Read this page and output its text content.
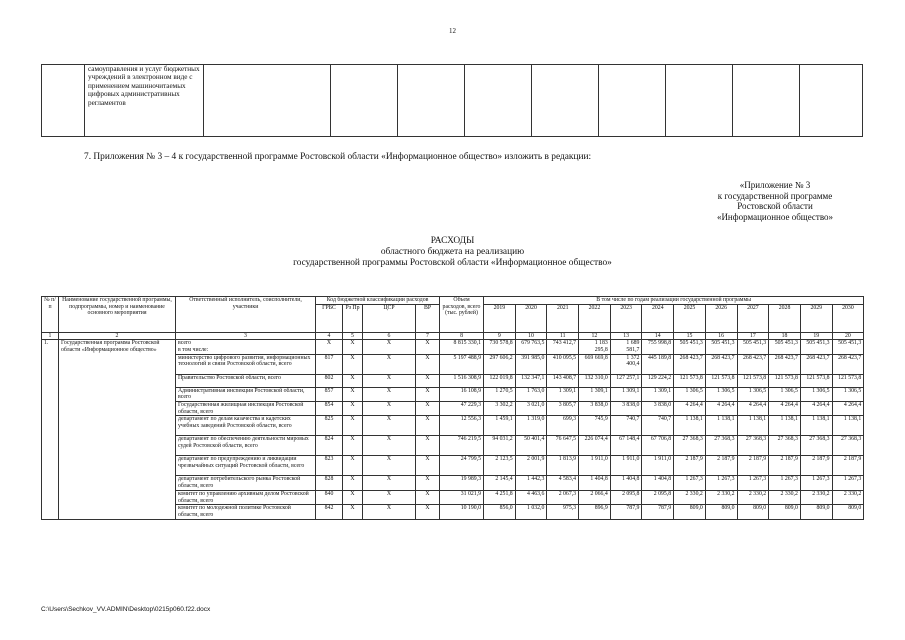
12
	самоуправления и услуг бюджетных учреждений в электронном виде с применением машиночитаемых цифровых административных регламентов									
7. Приложения № 3 – 4 к государственной программе Ростовской области «Информационное общество» изложить в редакции:
«Приложение № 3
к государственной программе
Ростовской области
«Информационное общество»
РАСХОДЫ
областного бюджета на реализацию
государственной программы Ростовской области «Информационное общество»
№ п/п	Наименование государственной программы, подпрограммы, номер и наименование основного мероприятия	Ответственный исполнитель, соисполнители, участники	Код бюджетной классификации расходов				Объем расходов, всего (тыс. рублей)	В том числе по годам реализации государственной программы											
			ГРБС	Рз Пр	ЦСР	ВР		2019	2020	2021	2022	2023	2024	2025	2026	2027	2028	2029	2030
1	2	3	4	5	6	7	8	9	10	11	12	13	14	15	16	17	18	19	20
1.	Государственная программа Ростовской области «Информационное общество»	всего
в том числе:	X	X	X	X	8 815 330,1	730 578,8	679 763,5	743 412,7	1 183 295,8	1 689 581,7	755 998,8	505 451,3	505 451,3	505 451,3	505 451,3	505 451,3	505 451,3

		министерство цифрового развития, информационных технологий и связи Ростовской области, всего	817	X	X	X	5 197 488,9	297 606,2	391 985,0	410 095,5	669 669,8	1 372 400,4	445 189,8	268 423,7	268 423,7	268 423,7	268 423,7	268 423,7	268 423,7

		Правительство Ростовской области, всего	802	X	X	X	1 516 308,9	122 019,8	132 347,1	143 408,7	132 310,0	127 257,1	129 224,2	121 573,8	121 573,8	121 573,8	121 573,8	121 573,8	121 573,8

		Административная инспекция Ростовской области, всего	857	X	X	X	16 108,9	1 270,5	1 763,0	1 309,1	1 309,1	1 309,1	1 309,1	1 306,5	1 306,5	1 306,5	1 306,5	1 306,5	1 306,5

		Государственная жилищная инспекция Ростовской области, всего	854	X	X	X	47 229,3	3 302,2	3 021,0	3 805,7	3 838,0	3 838,0	3 838,0	4 264,4	4 264,4	4 264,4	4 264,4	4 264,4	4 264,4

		департамент по делам казачества и кадетских учебных заведений Ростовской области, всего	825	X	X	X	12 556,3	1 459,1	1 319,0	699,3	745,9	740,7	740,7	1 138,1	1 138,1	1 138,1	1 138,1	1 138,1	1 138,1

		департамент по обеспечению деятельности мировых судей Ростовской области, всего	824	X	X	X	746 219,5	94 031,2	50 401,4	76 647,5	226 074,4	67 148,4	67 706,8	27 368,3	27 368,3	27 368,3	27 368,3	27 368,3	27 368,3

		департамент по предупреждению и ликвидации чрезвычайных ситуаций Ростовской области, всего	823	X	X	X	24 799,5	2 123,5	2 001,9	1 813,9	1 911,0	1 911,0	1 911,0	2 187,9	2 187,9	2 187,9	2 187,9	2 187,9	2 187,9

		департамент потребительского рынка Ростовской области, всего	828	X	X	X	19 989,3	2 145,4	1 442,3	4 583,4	1 404,8	1 404,8	1 404,8	1 267,3	1 267,3	1 267,3	1 267,3	1 267,3	1 267,3

		комитет по управлению архивным делом Ростовской области, всего	840	X	X	X	31 021,9	4 251,8	4 463,6	2 067,3	2 066,4	2 095,8	2 095,8	2 330,2	2 330,2	2 330,2	2 330,2	2 330,2	2 330,2

		комитет по молодежной политике Ростовской области, всего	842	X	X	X	10 190,0	856,0	1 032,0	975,3	896,9	787,9	787,9	809,0	809,0	809,0	809,0	809,0	809,0
C:\Users\Sechkov_VV.ADMIN\Desktop\0215p060.f22.docx
